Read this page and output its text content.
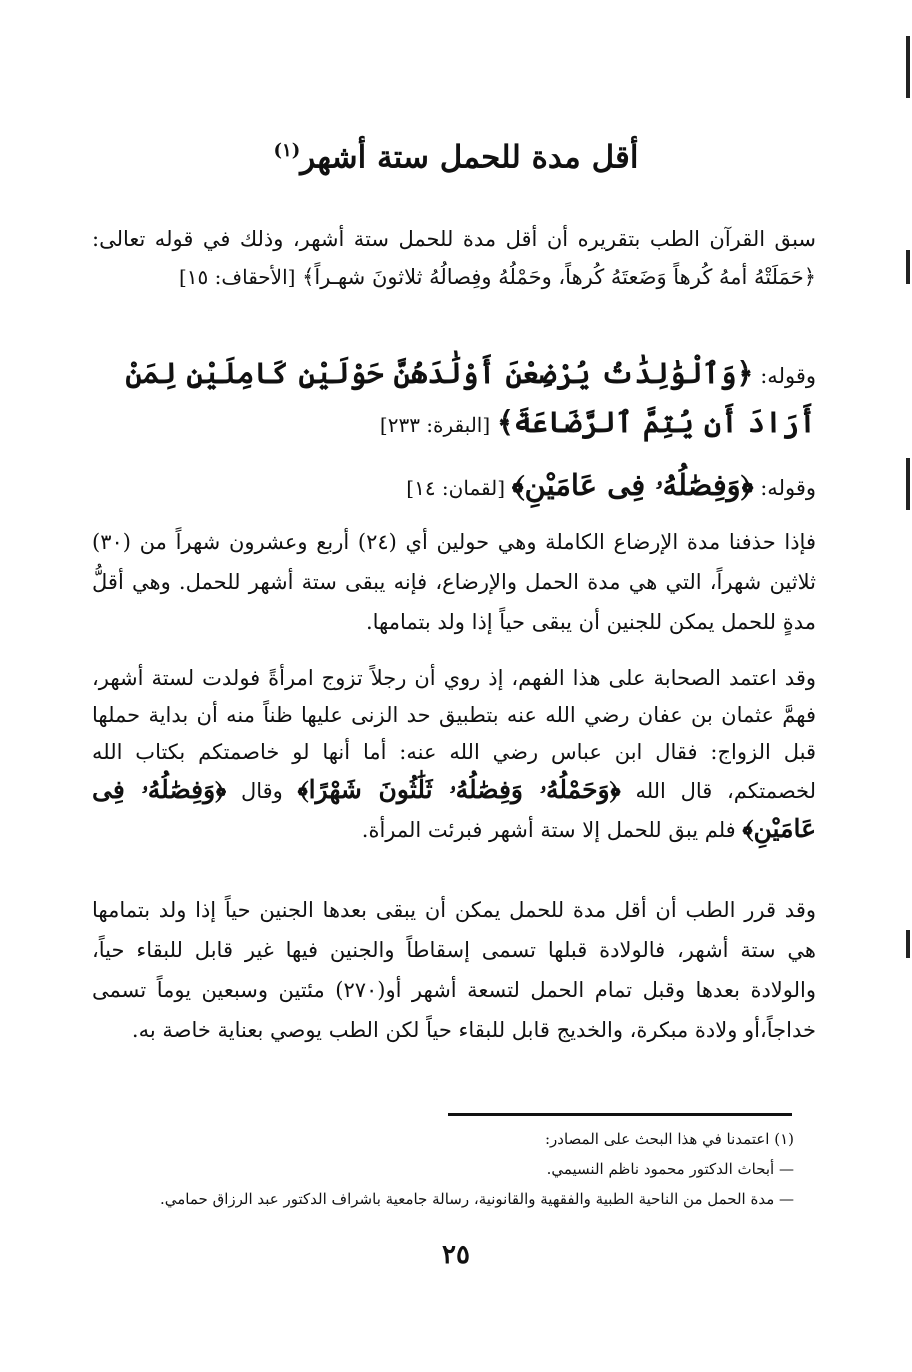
أقل مدة للحمل ستة أشهر$^{(١)}$
سبق القرآن الطب بتقريره أن أقل مدة للحمل ستة أشهر، وذلك في قوله تعالى: ﴿حَمَلَتْهُ أمهُ كُرهاً وَضَعتَهُ كُرهاً، وحَمْلُهُ وفِصالُهُ ثلاثونَ شهـراً﴾ [الأحقاف: ١٥]
وقوله: ﴿وَٱلْوَٰلِدَٰتُ يُرْضِعْنَ أَوْلَٰدَهُنَّ حَوْلَيْنِ كَامِلَيْنِ لِمَنْ أَرَادَ أَن يُتِمَّ ٱلرَّضَاعَةَ﴾ [البقرة: ٢٣٣]
وقوله: ﴿وَفِصَٰلُهُۥ فِى عَامَيْنِ﴾ [لقمان: ١٤]
فإذا حذفنا مدة الإرضاع الكاملة وهي حولين أي (٢٤) أربع وعشرون شهراً من (٣٠) ثلاثين شهراً، التي هي مدة الحمل والإرضاع، فإنه يبقى ستة أشهر للحمل. وهي أقلُّ مدةٍ للحمل يمكن للجنين أن يبقى حياً إذا ولد بتمامها.
وقد اعتمد الصحابة على هذا الفهم، إذ روي أن رجلاً تزوج امرأةً فولدت لستة أشهر، فهمَّ عثمان بن عفان رضي الله عنه بتطبيق حد الزنى عليها ظناً منه أن بداية حملها قبل الزواج: فقال ابن عباس رضي الله عنه: أما أنها لو خاصمتكم بكتاب الله لخصمتكم، قال الله ﴿وَحَمْلُهُۥ وَفِصَٰلُهُۥ ثَلَٰثُونَ شَهْرًا﴾ وقال ﴿وَفِصَٰلُهُۥ فِى عَامَيْنِ﴾ فلم يبق للحمل إلا ستة أشهر فبرئت المرأة.
وقد قرر الطب أن أقل مدة للحمل يمكن أن يبقى بعدها الجنين حياً إذا ولد بتمامها هي ستة أشهر، فالولادة قبلها تسمى إسقاطاً والجنين فيها غير قابل للبقاء حياً، والولادة بعدها وقبل تمام الحمل لتسعة أشهر أو(٢٧٠) مئتين وسبعين يوماً تسمى خداجاً،أو ولادة مبكرة، والخديج قابل للبقاء حياً لكن الطب يوصي بعناية خاصة به.
(١) اعتمدنا في هذا البحث على المصادر:
— أبحاث الدكتور محمود ناظم النسيمي.
— مدة الحمل من الناحية الطبية والفقهية والقانونية، رسالة جامعية باشراف الدكتور عبد الرزاق حمامي.
٢٥
